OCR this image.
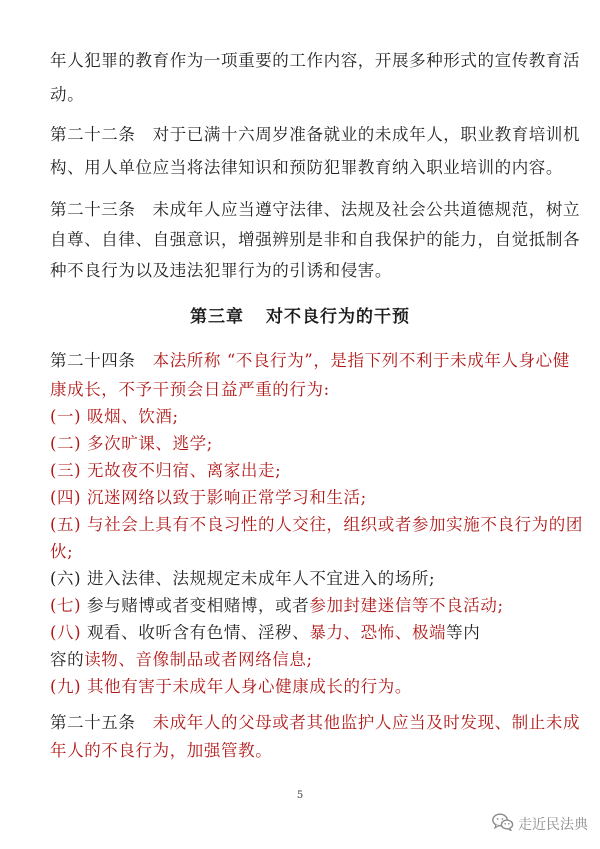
年人犯罪的教育作为一项重要的工作内容，开展多种形式的宣传教育活
动。
第二十二条　对于已满十六周岁准备就业的未成年人，职业教育培训机
构、用人单位应当将法律知识和预防犯罪教育纳入职业培训的内容。
第二十三条　未成年人应当遵守法律、法规及社会公共道德规范，树立
自尊、自律、自强意识，增强辨别是非和自我保护的能力，自觉抵制各
种不良行为以及违法犯罪行为的引诱和侵害。
第三章 对不良行为的干预
第二十四条　 本法所称 “不良行为”，是指下列不利于未成年人身心健
康成长，不予干预会日益严重的行为:
(一) 吸烟、饮酒;
(二) 多次旷课、逃学;
(三) 无故夜不归宿、离家出走;
(四) 沉迷网络以致于影响正常学习和生活;
(五) 与社会上具有不良习性的人交往，组织或者参加实施不良行为的团
伙;
(六) 进入法律、法规规定未成年人不宜进入的场所;
(七) 参与赌博或者变相赌博，或者参加封建迷信等不良活动;
(八) 观看、收听含有色情、淫秽、暴力、恐怖、极端等内
容的读物、音像制品或者网络信息;
(九) 其他有害于未成年人身心健康成长的行为。
第二十五条　 未成年人的父母或者其他监护人应当及时发现、制止未成
年人的不良行为，加强管教。
5
走近民法典
